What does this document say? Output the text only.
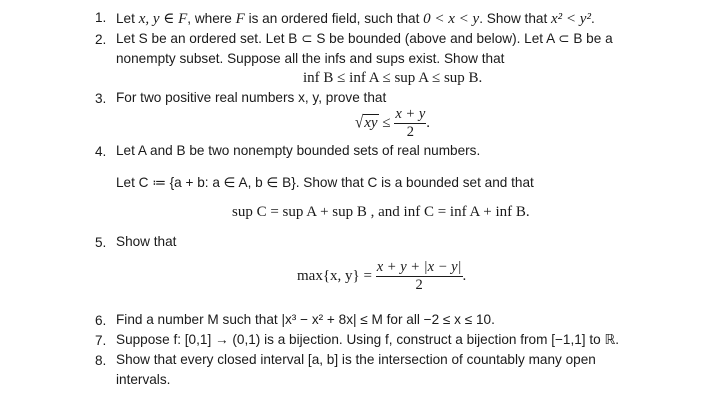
1. Let x, y ∈ F, where F is an ordered field, such that 0 < x < y. Show that x² < y².
2. Let S be an ordered set. Let B ⊂ S be bounded (above and below). Let A ⊂ B be a
nonempty subset. Suppose all the infs and sups exist. Show that
inf B ≤ inf A ≤ sup A ≤ sup B.
3. For two positive real numbers x, y, prove that
$√xy \le \frac{x + y}{2}$ .
4. Let A and B be two nonempty bounded sets of real numbers.
Let C ≔ {a + b: a ∈ A, b ∈ B}. Show that C is a bounded set and that
sup C = sup A + sup B , and inf C = inf A + inf B.
5. Show that
max{x, $y\} = \frac{x + y + |x - y|}{2}$ .
6. Find a number M such that |x³ − x² + 8x| ≤ M for all −2 ≤ x ≤ 10.
7. Suppose f: [0,1] → (0,1) is a bijection. Using f, construct a bijection from [−1,1] to ℝ.
8. Show that every closed interval [a, b] is the intersection of countably many open
intervals.
